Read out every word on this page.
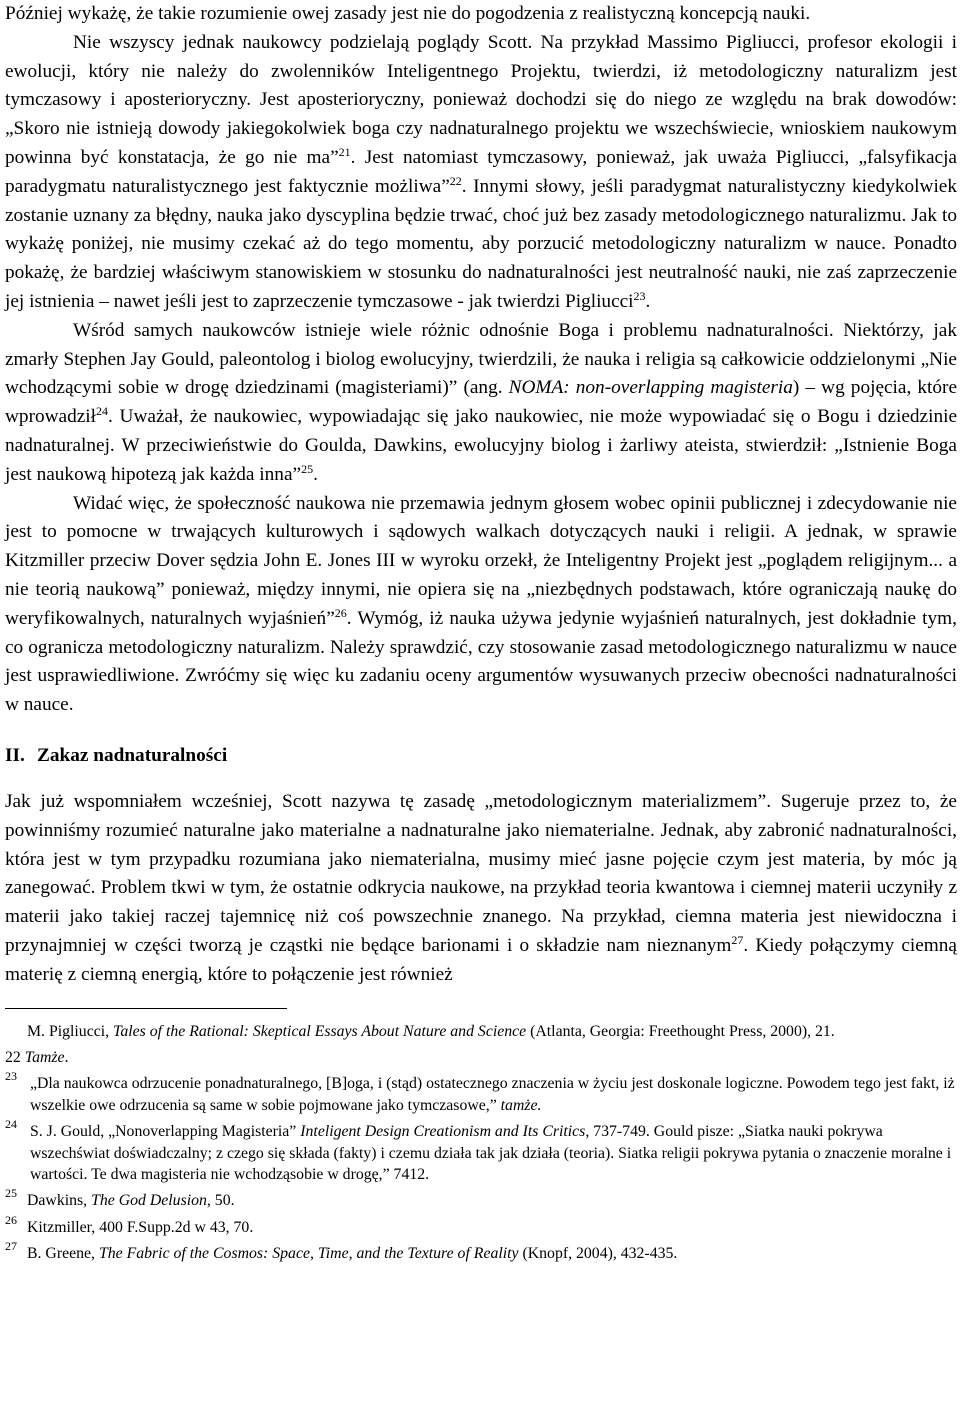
Później wykażę, że takie rozumienie owej zasady jest nie do pogodzenia z realistyczną koncepcją nauki.

Nie wszyscy jednak naukowcy podzielają poglądy Scott. Na przykład Massimo Pigliucci, profesor ekologii i ewolucji, który nie należy do zwolenników Inteligentnego Projektu, twierdzi, iż metodologiczny naturalizm jest tymczasowy i aposterioryczny. Jest aposterioryczny, ponieważ dochodzi się do niego ze względu na brak dowodów: „Skoro nie istnieją dowody jakiegokolwiek boga czy nadnaturalnego projektu we wszechświecie, wnioskiem naukowym powinna być konstatacja, że go nie ma”$^{21}$. Jest natomiast tymczasowy, ponieważ, jak uważa Pigliucci, „falsyfikacja paradygmatu naturalistycznego jest faktycznie możliwa”$^{22}$. Innymi słowy, jeśli paradygmat naturalistyczny kiedykolwiek zostanie uznany za błędny, nauka jako dyscyplina będzie trwać, choć już bez zasady metodologicznego naturalizmu. Jak to wykażę poniżej, nie musimy czekać aż do tego momentu, aby porzucić metodologiczny naturalizm w nauce. Ponadto pokażę, że bardziej właściwym stanowiskiem w stosunku do nadnaturalności jest neutralność nauki, nie zaś zaprzeczenie jej istnienia – nawet jeśli jest to zaprzeczenie tymczasowe - jak twierdzi Pigliucci$^{23}$.

Wśród samych naukowców istnieje wiele różnic odnośnie Boga i problemu nadnaturalności. Niektórzy, jak zmarły Stephen Jay Gould, paleontolog i biolog ewolucyjny, twierdzili, że nauka i religia są całkowicie oddzielonymi „Nie wchodzącymi sobie w drogę dziedzinami (magisteriami)” (ang. NOMA: non-overlapping magisteria) – wg pojęcia, które wprowadził$^{24}$. Uważał, że naukowiec, wypowiadając się jako naukowiec, nie może wypowiadać się o Bogu i dziedzinie nadnaturalnej. W przeciwieństwie do Goulda, Dawkins, ewolucyjny biolog i żarliwy ateista, stwierdził: „Istnienie Boga jest naukową hipotezą jak każda inna”$^{25}$.

Widać więc, że społeczność naukowa nie przemawia jednym głosem wobec opinii publicznej i zdecydowanie nie jest to pomocne w trwających kulturowych i sądowych walkach dotyczących nauki i religii. A jednak, w sprawie Kitzmiller przeciw Dover sędzia John E. Jones III w wyroku orzekł, że Inteligentny Projekt jest „poglądem religijnym... a nie teorią naukową” ponieważ, między innymi, nie opiera się na „niezbędnych podstawach, które ograniczają naukę do weryfikowalnych, naturalnych wyjaśnień”$^{26}$. Wymóg, iż nauka używa jedynie wyjaśnień naturalnych, jest dokładnie tym, co ogranicza metodologiczny naturalizm. Należy sprawdzić, czy stosowanie zasad metodologicznego naturalizmu w nauce jest usprawiedliwione. Zwróćmy się więc ku zadaniu oceny argumentów wysuwanych przeciw obecności nadnaturalności w nauce.

II. Zakaz nadnaturalności

Jak już wspomniałem wcześniej, Scott nazywa tę zasadę „metodologicznym materializmem”. Sugeruje przez to, że powinniśmy rozumieć naturalne jako materialne a nadnaturalne jako niematerialne. Jednak, aby zabronić nadnaturalności, która jest w tym przypadku rozumiana jako niematerialna, musimy mieć jasne pojęcie czym jest materia, by móc ją zanegować. Problem tkwi w tym, że ostatnie odkrycia naukowe, na przykład teoria kwantowa i ciemnej materii uczyniły z materii jako takiej raczej tajemnicę niż coś powszechnie znanego. Na przykład, ciemna materia jest niewidoczna i przynajmniej w części tworzą je cząstki nie będące barionami i o składzie nam nieznanym$^{27}$. Kiedy połączymy ciemną materię z ciemną energią, które to połączenie jest również

M. Pigliucci, Tales of the Rational: Skeptical Essays About Nature and Science (Atlanta, Georgia: Freethought Press, 2000), 21.
22 Tamże.
23 „Dla naukowca odrzucenie ponadnaturalnego, [B]oga, i (stąd) ostatecznego znaczenia w życiu jest doskonale logiczne. Powodem tego jest fakt, iż wszelkie owe odrzucenia są same w sobie pojmowane jako tymczasowe,” tamże.
24 S. J. Gould, „Nonoverlapping Magisteria” Inteligent Design Creationism and Its Critics, 737-749. Gould pisze: „Siatka nauki pokrywa wszechświat doświadczalny; z czego się składa (fakty) i czemu działa tak jak działa (teoria). Siatka religii pokrywa pytania o znaczenie moralne i wartości. Te dwa magisteria nie wchodząsobie w drogę,” 7412.
25 Dawkins, The God Delusion, 50.
26 Kitzmiller, 400 F.Supp.2d w 43, 70.
27 B. Greene, The Fabric of the Cosmos: Space, Time, and the Texture of Reality (Knopf, 2004), 432-435.
